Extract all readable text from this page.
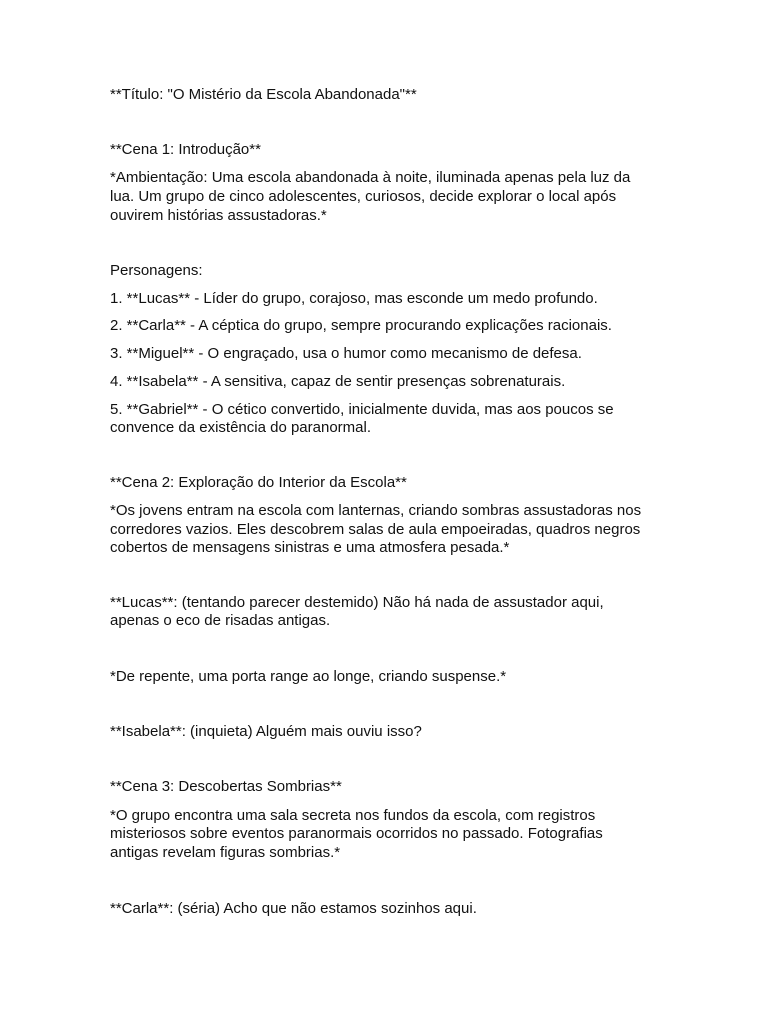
**Título: "O Mistério da Escola Abandonada"**

**Cena 1: Introdução**

*Ambientação: Uma escola abandonada à noite, iluminada apenas pela luz da

lua. Um grupo de cinco adolescentes, curiosos, decide explorar o local após

ouvirem histórias assustadoras.*

Personagens:

1. **Lucas** - Líder do grupo, corajoso, mas esconde um medo profundo.

2. **Carla** - A céptica do grupo, sempre procurando explicações racionais.

3. **Miguel** - O engraçado, usa o humor como mecanismo de defesa.

4. **Isabela** - A sensitiva, capaz de sentir presenças sobrenaturais.

5. **Gabriel** - O cético convertido, inicialmente duvida, mas aos poucos se

convence da existência do paranormal.

**Cena 2: Exploração do Interior da Escola**

*Os jovens entram na escola com lanternas, criando sombras assustadoras nos

corredores vazios. Eles descobrem salas de aula empoeiradas, quadros negros

cobertos de mensagens sinistras e uma atmosfera pesada.*

**Lucas**: (tentando parecer destemido) Não há nada de assustador aqui,

apenas o eco de risadas antigas.

*De repente, uma porta range ao longe, criando suspense.*

**Isabela**: (inquieta) Alguém mais ouviu isso?

**Cena 3: Descobertas Sombrias**

*O grupo encontra uma sala secreta nos fundos da escola, com registros

misteriosos sobre eventos paranormais ocorridos no passado. Fotografias

antigas revelam figuras sombrias.*

**Carla**: (séria) Acho que não estamos sozinhos aqui.
